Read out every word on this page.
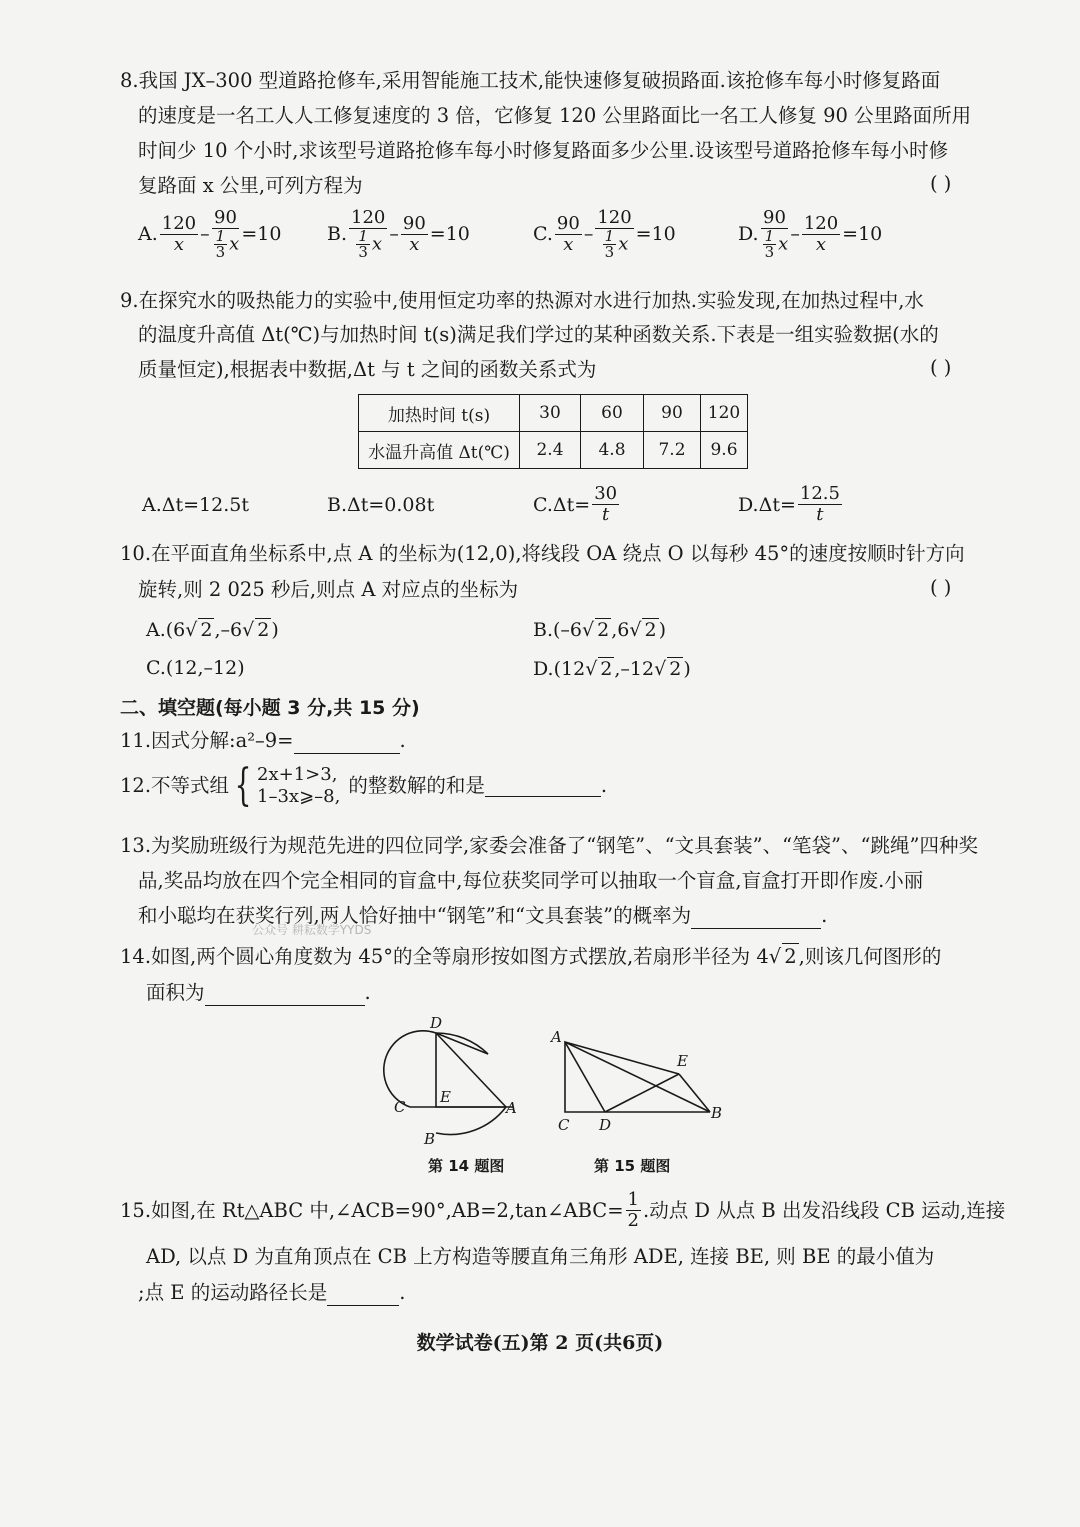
8.我国 JX–300 型道路抢修车,采用智能施工技术,能快速修复破损路面.该抢修车每小时修复路面
的速度是一名工人人工修复速度的 3 倍，它修复 120 公里路面比一名工人修复 90 公里路面所用
时间少 10 个小时,求该型号道路抢修车每小时修复路面多少公里.设该型号道路抢修车每小时修
复路面 x 公里,可列方程为	( )
A. $\frac{120}{x} - \frac{90}{\frac{1}{3} x} =10$ B. $\frac{120}{\frac{1}{3} x} - \frac{90}{x} =10$	C. $\frac{90}{x} - \frac{120}{\frac{1}{3} x} =10$	D. $\frac{90}{\frac{1}{3} x} - \frac{120}{x} =10$
9.在探究水的吸热能力的实验中,使用恒定功率的热源对水进行加热.实验发现,在加热过程中,水
的温度升高值 Δt(℃)与加热时间 t(s)满足我们学过的某种函数关系.下表是一组实验数据(水的
质量恒定),根据表中数据,Δt 与 t 之间的函数关系式为	( )
加热时间 t(s)	30	60	90	120
水温升高值 Δt(℃)	2.4	4.8	7.2	9.6
A.Δt=12.5t	B.Δt=0.08t	$C.\Delta t= \frac{30}{t}$	$D.\Delta t= \frac{12.5}{t}$
10.在平面直角坐标系中,点 A 的坐标为(12,0),将线段 OA 绕点 O 以每秒 45°的速度按顺时针方向
旋转,则 2 025 秒后,则点 A 对应点的坐标为	( )
A.(6 √ 2 ,–6 √ 2 )	B.(–6 √ 2 ,6 √ 2 )
C.(12,–12)	D.(12 √ 2 ,–12 √ 2 )
二、填空题(每小题 3 分,共 15 分)
11.因式分解:a²–9=	.
12.不等式组 { 2x+1>3,
1–3x⩾–8, 的整数解的和是	.
13.为奖励班级行为规范先进的四位同学,家委会准备了“钢笔”、“文具套装”、“笔袋”、“跳绳”四种奖
品,奖品均放在四个完全相同的盲盒中,每位获奖同学可以抽取一个盲盒,盲盒打开即作废.小丽
和小聪均在获奖行列,两人恰好抽中“钢笔”和“文具套装”的概率为	.
公众号 耕耘数学YYDS
14.如图,两个圆心角度数为 45°的全等扇形按如图方式摆放,若扇形半径为 4 √ 2 ,则该几何图形的
面积为	.
D
C
E
A
B
第 14 题图
A
E
C D
B
第 15 题图
15.如图,在 Rt△ABC 中,∠ACB=90°,AB=2,tan∠ABC= $\frac{1}{2}$ .动点 D 从点 B 出发沿线段 CB 运动,连接
AD, 以点 D 为直角顶点在 CB 上方构造等腰直角三角形 ADE, 连接 BE, 则 BE 的最小值为
;点 E 的运动路径长是	.
数学试卷(五)第 2 页(共6页)
